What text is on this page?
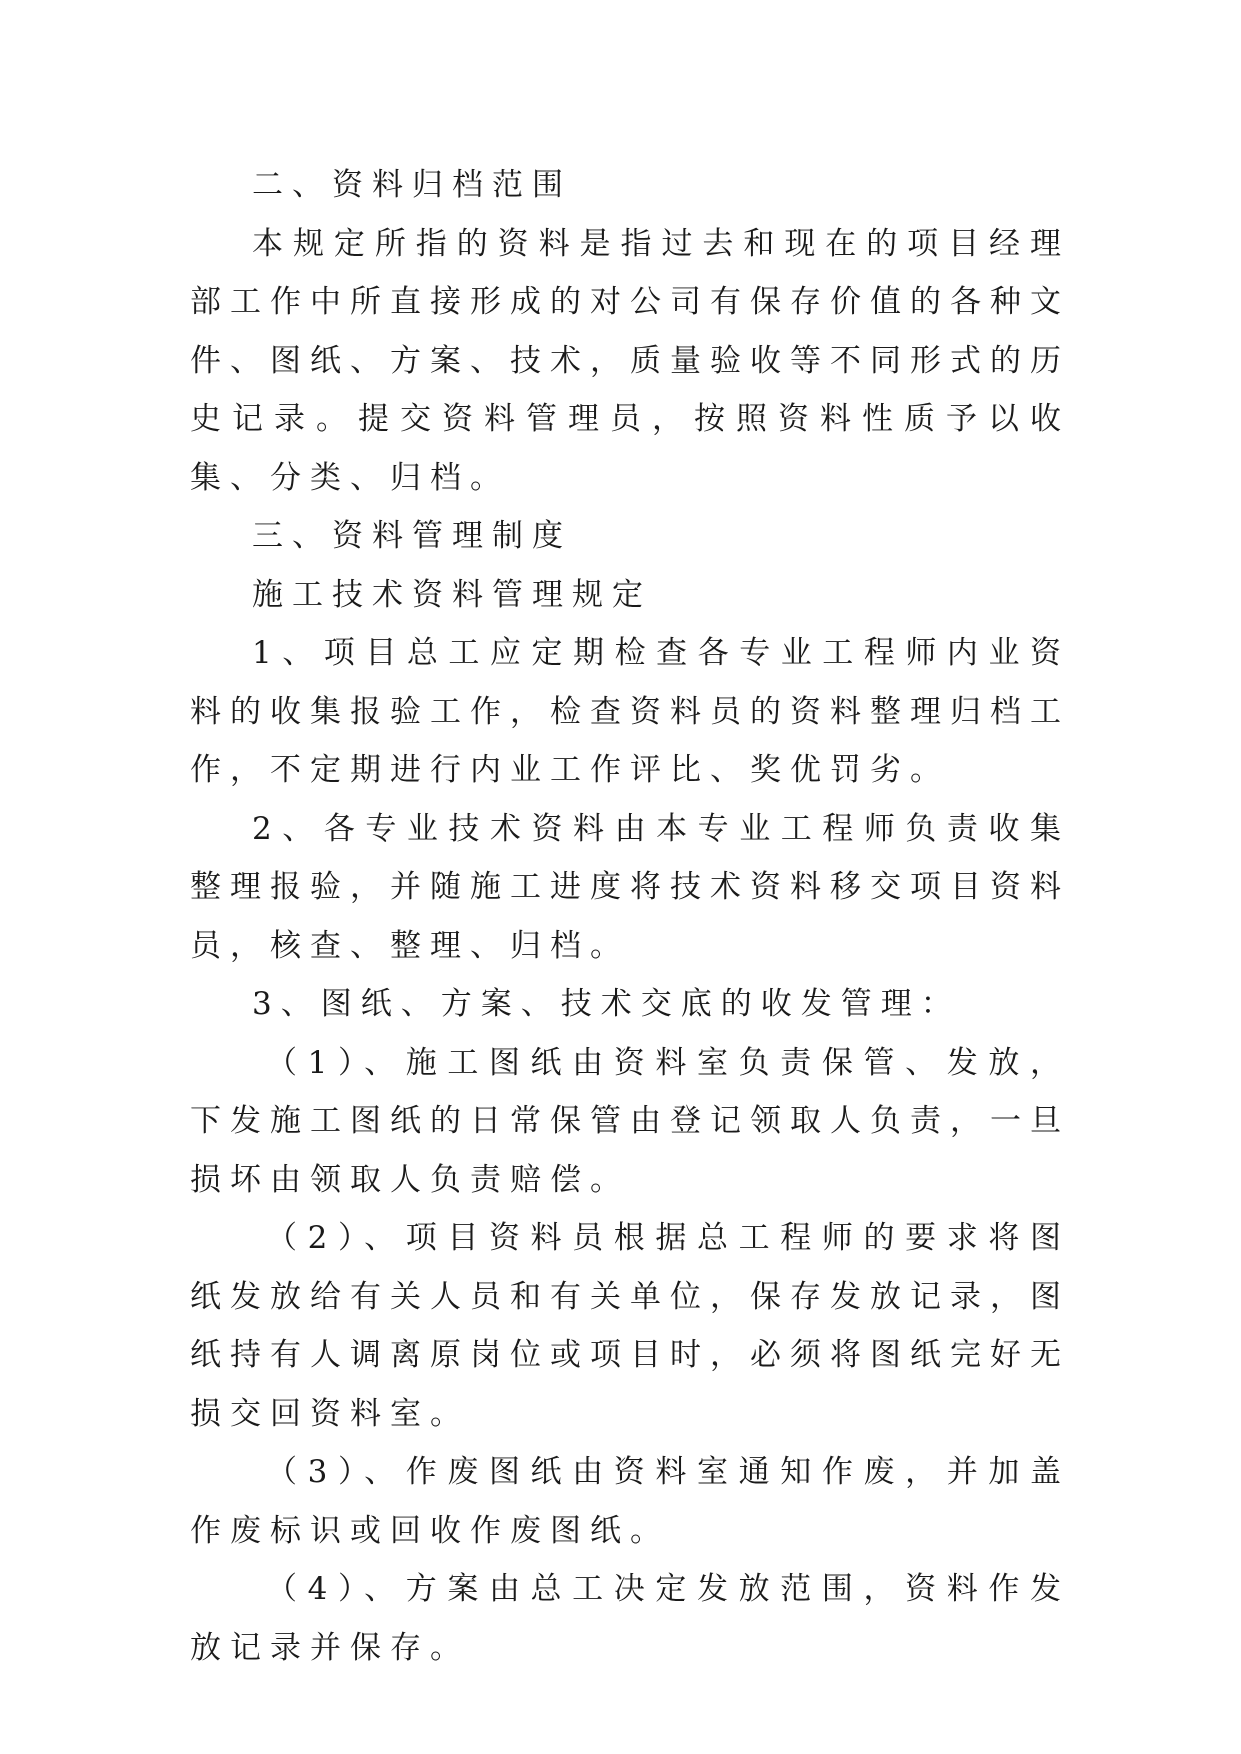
二、资料归档范围

本规定所指的资料是指过去和现在的项目经理部工作中所直接形成的对公司有保存价值的各种文件、图纸、方案、技术，质量验收等不同形式的历史记录。提交资料管理员，按照资料性质予以收集、分类、归档。

三、资料管理制度

施工技术资料管理规定

1、项目总工应定期检查各专业工程师内业资料的收集报验工作，检查资料员的资料整理归档工作，不定期进行内业工作评比、奖优罚劣。

2、各专业技术资料由本专业工程师负责收集整理报验，并随施工进度将技术资料移交项目资料员，核查、整理、归档。

3、图纸、方案、技术交底的收发管理：

（1）、施工图纸由资料室负责保管、发放，下发施工图纸的日常保管由登记领取人负责，一旦损坏由领取人负责赔偿。

（2）、项目资料员根据总工程师的要求将图纸发放给有关人员和有关单位，保存发放记录，图纸持有人调离原岗位或项目时，必须将图纸完好无损交回资料室。

（3）、作废图纸由资料室通知作废，并加盖作废标识或回收作废图纸。

（4）、方案由总工决定发放范围，资料作发放记录并保存。
